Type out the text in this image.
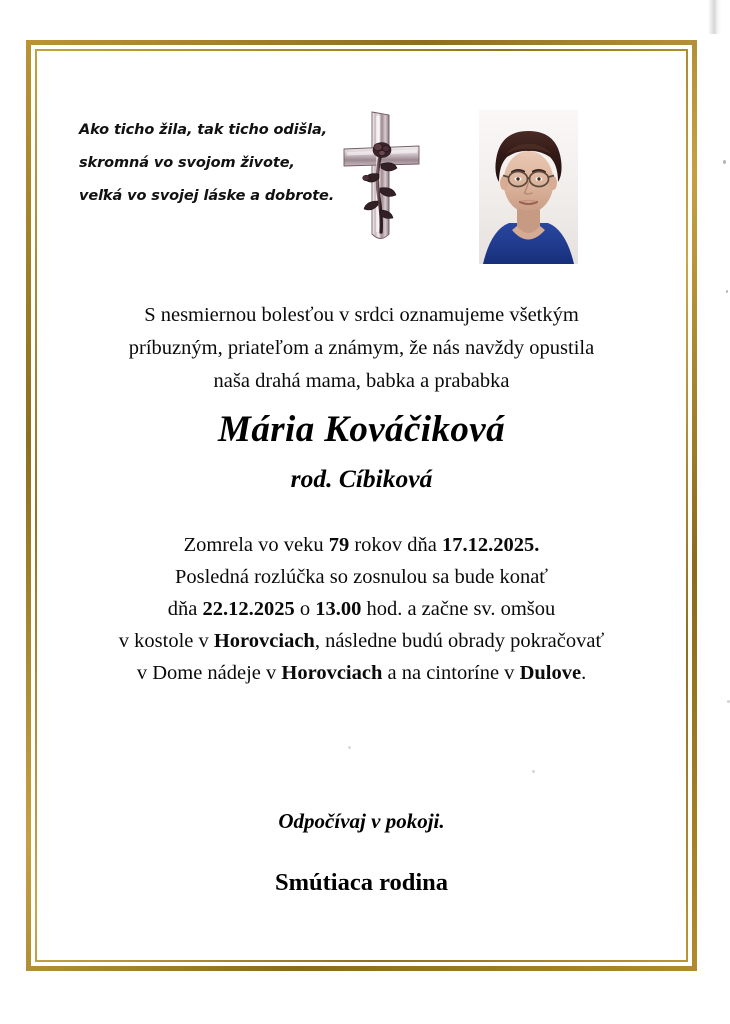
Ako ticho žila, tak ticho odišla,
skromná vo svojom živote,
veľká vo svojej láske a dobrote.
S nesmiernou bolesťou v srdci oznamujeme všetkým
príbuzným, priateľom a známym, že nás navždy opustila
naša drahá mama, babka a prababka
Mária Kováčiková
rod. Cíbiková
Zomrela vo veku 79 rokov dňa 17.12.2025.
Posledná rozlúčka so zosnulou sa bude konať
dňa 22.12.2025 o 13.00 hod. a začne sv. omšou
v kostole v Horovciach, následne budú obrady pokračovať
v Dome nádeje v Horovciach a na cintoríne v Dulove.
Odpočívaj v pokoji.
Smútiaca rodina
